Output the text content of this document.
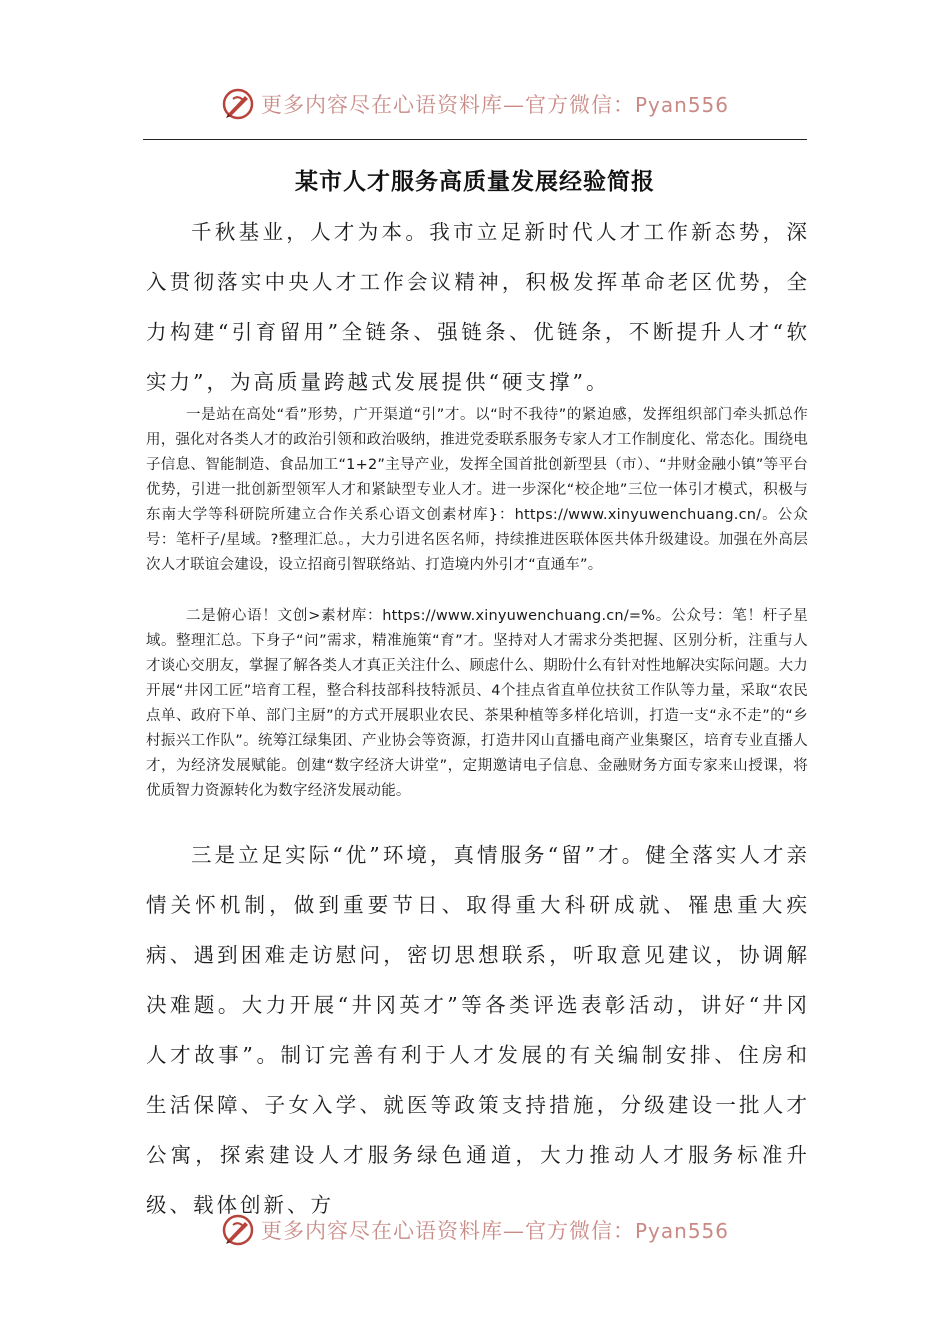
更多内容尽在心语资料库—官方微信：Pyan556
某市人才服务高质量发展经验简报
千秋基业，人才为本。我市立足新时代人才工作新态势，深入贯彻落实中央人才工作会议精神，积极发挥革命老区优势，全力构建“引育留用”全链条、强链条、优链条，不断提升人才“软实力”，为高质量跨越式发展提供“硬支撑”。
一是站在高处“看”形势，广开渠道“引”才。以“时不我待”的紧迫感，发挥组织部门牵头抓总作用，强化对各类人才的政治引领和政治吸纳，推进党委联系服务专家人才工作制度化、常态化。围绕电子信息、智能制造、食品加工“1+2”主导产业，发挥全国首批创新型县（市）、“井财金融小镇”等平台优势，引进一批创新型领军人才和紧缺型专业人才。进一步深化“校企地”三位一体引才模式，积极与东南大学等科研院所建立合作关系心语文创素材库}：https://www.xinyuwenchuang.cn/。公众号：笔杆子/星域。?整理汇总。，大力引进名医名师，持续推进医联体医共体升级建设。加强在外高层次人才联谊会建设，设立招商引智联络站、打造境内外引才“直通车”。
二是俯心语！文创>素材库：https://www.xinyuwenchuang.cn/=%。公众号：笔！杆子星域。整理汇总。下身子“问”需求，精准施策“育”才。坚持对人才需求分类把握、区别分析，注重与人才谈心交朋友，掌握了解各类人才真正关注什么、顾虑什么、期盼什么有针对性地解决实际问题。大力开展“井冈工匠”培育工程，整合科技部科技特派员、4个挂点省直单位扶贫工作队等力量，采取“农民点单、政府下单、部门主厨”的方式开展职业农民、茶果种植等多样化培训，打造一支“永不走”的“乡村振兴工作队”。统筹江绿集团、产业协会等资源，打造井冈山直播电商产业集聚区，培育专业直播人才，为经济发展赋能。创建“数字经济大讲堂”，定期邀请电子信息、金融财务方面专家来山授课，将优质智力资源转化为数字经济发展动能。
三是立足实际“优”环境，真情服务“留”才。健全落实人才亲情关怀机制，做到重要节日、取得重大科研成就、罹患重大疾病、遇到困难走访慰问，密切思想联系，听取意见建议，协调解决难题。大力开展“井冈英才”等各类评选表彰活动，讲好“井冈人才故事”。制订完善有利于人才发展的有关编制安排、住房和生活保障、子女入学、就医等政策支持措施，分级建设一批人才公寓，探索建设人才服务绿色通道，大力推动人才服务标准升级、载体创新、方
更多内容尽在心语资料库—官方微信：Pyan556
